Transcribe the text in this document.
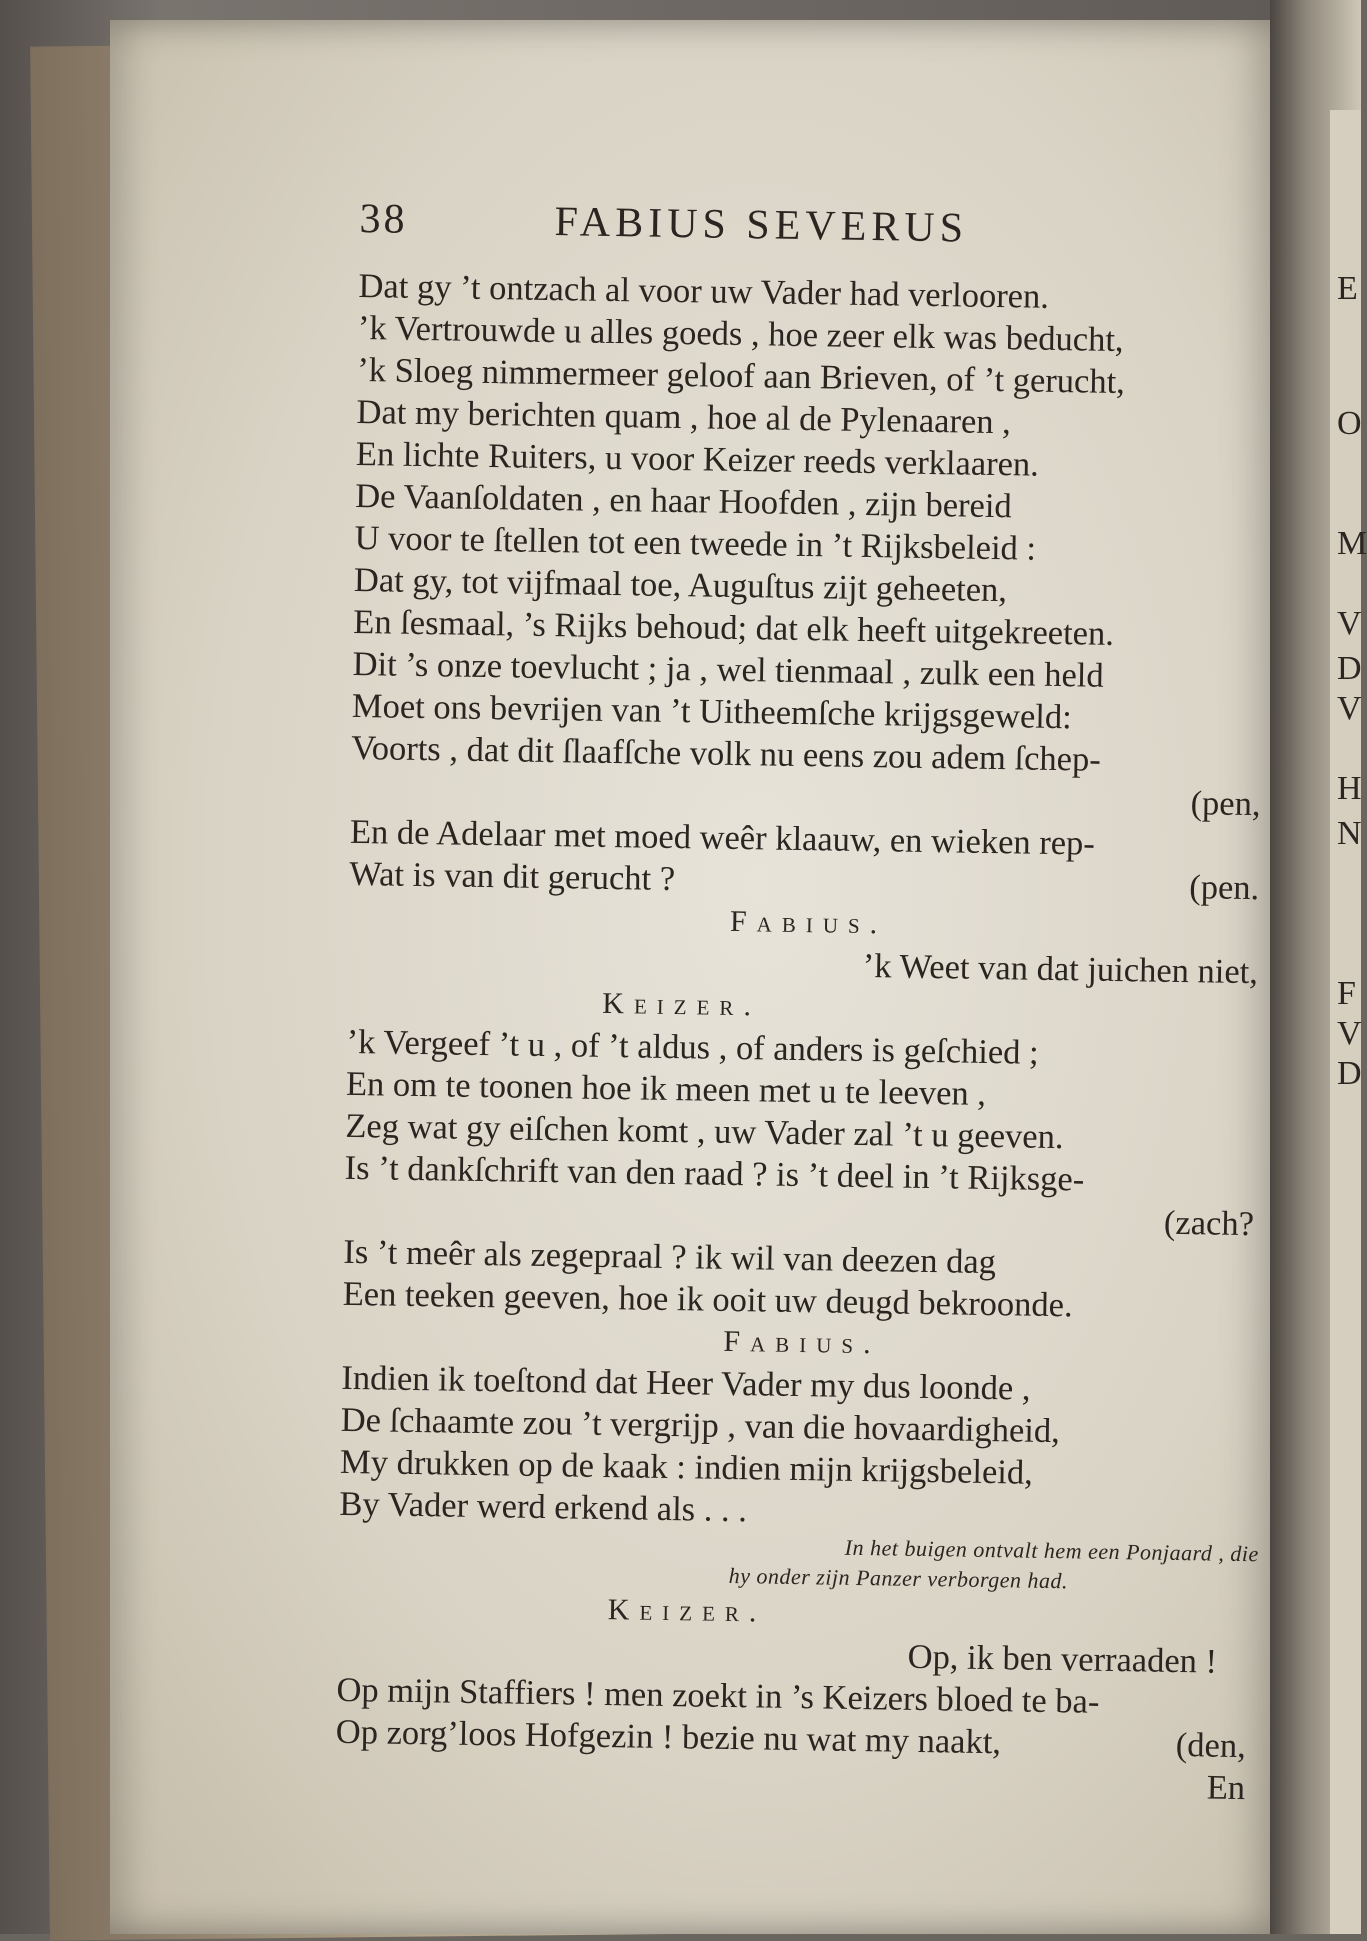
E
O
M
V
D
V
H
N
F
V
D
38	FABIUS SEVERUS
Dat gy ’t ontzach al voor uw Vader had verlooren.
’k Vertrouwde u alles goeds , hoe zeer elk was beducht,
’k Sloeg nimmermeer geloof aan Brieven, of ’t gerucht,
Dat my berichten quam , hoe al de Pylenaaren ,
En lichte Ruiters, u voor Keizer reeds verklaaren.
De Vaanſoldaten , en haar Hoofden , zijn bereid
U voor te ſtellen tot een tweede in ’t Rijksbeleid :
Dat gy, tot vijfmaal toe, Auguſtus zijt geheeten,
En ſesmaal, ’s Rijks behoud; dat elk heeft uitgekreeten.
Dit ’s onze toevlucht ; ja , wel tienmaal , zulk een held
Moet ons bevrijen van ’t Uitheemſche krijgsgeweld:
Voorts , dat dit ſlaafſche volk nu eens zou adem ſchep-
(pen,
En de Adelaar met moed weêr klaauw, en wieken rep-
Wat is van dit gerucht ?	(pen.
Fabius.
’k Weet van dat juichen niet,
Keizer.
’k Vergeef ’t u , of ’t aldus , of anders is geſchied ;
En om te toonen hoe ik meen met u te leeven ,
Zeg wat gy eiſchen komt , uw Vader zal ’t u geeven.
Is ’t dankſchrift van den raad ? is ’t deel in ’t Rijksge-
(zach?
Is ’t meêr als zegepraal ? ik wil van deezen dag
Een teeken geeven, hoe ik ooit uw deugd bekroonde.
Fabius.
Indien ik toeſtond dat Heer Vader my dus loonde ,
De ſchaamte zou ’t vergrijp , van die hovaardigheid,
My drukken op de kaak : indien mijn krijgsbeleid,
By Vader werd erkend als . . .
In het buigen ontvalt hem een Ponjaard , die
hy onder zijn Panzer verborgen had.
Keizer.
Op, ik ben verraaden !
Op mijn Staffiers ! men zoekt in ’s Keizers bloed te ba-
Op zorg’loos Hofgezin ! bezie nu wat my naakt,	(den,
En
